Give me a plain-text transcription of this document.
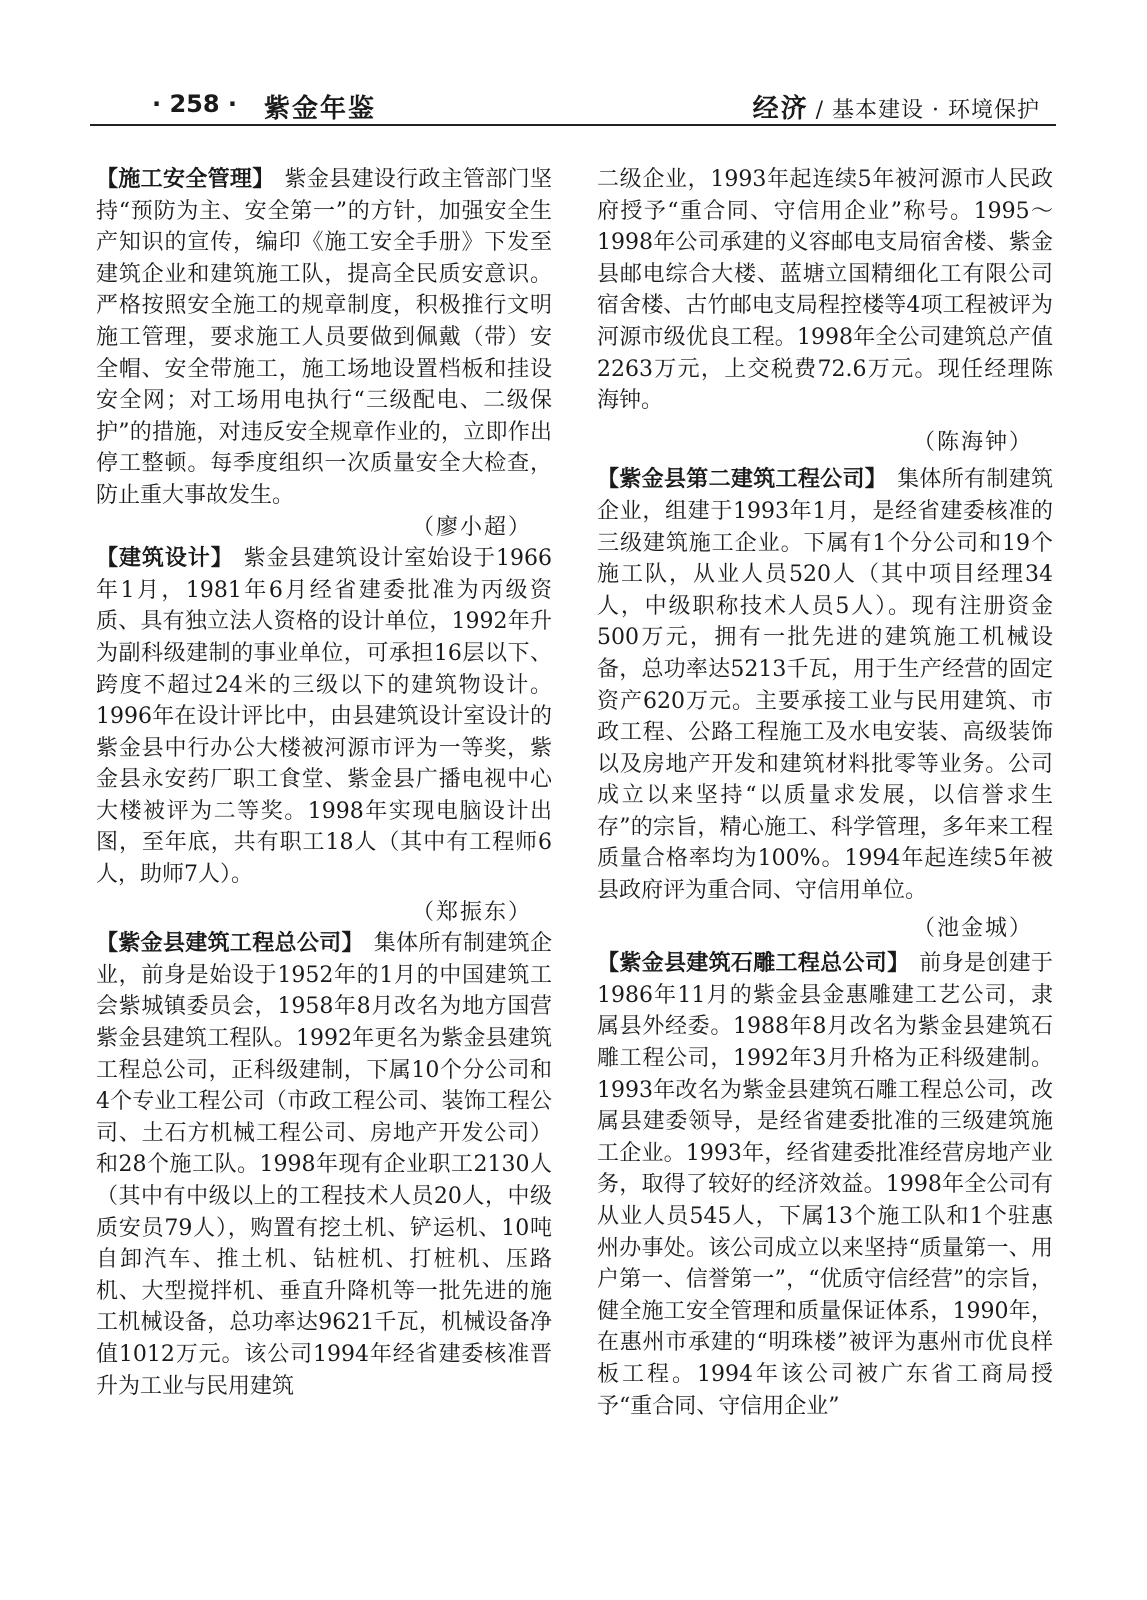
· 258 · 紫金年鉴	经济 / 基本建设 · 环境保护
【施工安全管理】 紫金县建设行政主管部门坚持“预防为主、安全第一”的方针，加强安全生产知识的宣传，编印《施工安全手册》下发至建筑企业和建筑施工队，提高全民质安意识。严格按照安全施工的规章制度，积极推行文明施工管理，要求施工人员要做到佩戴（带）安全帽、安全带施工，施工场地设置档板和挂设安全网；对工场用电执行“三级配电、二级保护”的措施，对违反安全规章作业的，立即作出停工整顿。每季度组织一次质量安全大检查，防止重大事故发生。

（廖小超）

【建筑设计】 紫金县建筑设计室始设于1966年1月，1981年6月经省建委批准为丙级资质、具有独立法人资格的设计单位，1992年升为副科级建制的事业单位，可承担16层以下、跨度不超过24米的三级以下的建筑物设计。1996年在设计评比中，由县建筑设计室设计的紫金县中行办公大楼被河源市评为一等奖，紫金县永安药厂职工食堂、紫金县广播电视中心大楼被评为二等奖。1998年实现电脑设计出图，至年底，共有职工18人（其中有工程师6人，助师7人）。

（郑振东）

【紫金县建筑工程总公司】 集体所有制建筑企业，前身是始设于1952年的1月的中国建筑工会紫城镇委员会，1958年8月改名为地方国营紫金县建筑工程队。1992年更名为紫金县建筑工程总公司，正科级建制，下属10个分公司和4个专业工程公司（市政工程公司、装饰工程公司、土石方机械工程公司、房地产开发公司）和28个施工队。1998年现有企业职工2130人（其中有中级以上的工程技术人员20人，中级质安员79人），购置有挖土机、铲运机、10吨自卸汽车、推土机、钻桩机、打桩机、压路机、大型搅拌机、垂直升降机等一批先进的施工机械设备，总功率达9621千瓦，机械设备净值1012万元。该公司1994年经省建委核准晋升为工业与民用建筑
二级企业，1993年起连续5年被河源市人民政府授予“重合同、守信用企业”称号。1995～1998年公司承建的义容邮电支局宿舍楼、紫金县邮电综合大楼、蓝塘立国精细化工有限公司宿舍楼、古竹邮电支局程控楼等4项工程被评为河源市级优良工程。1998年全公司建筑总产值2263万元，上交税费72.6万元。现任经理陈海钟。

（陈海钟）

【紫金县第二建筑工程公司】 集体所有制建筑企业，组建于1993年1月，是经省建委核准的三级建筑施工企业。下属有1个分公司和19个施工队，从业人员520人（其中项目经理34人，中级职称技术人员5人）。现有注册资金500万元，拥有一批先进的建筑施工机械设备，总功率达5213千瓦，用于生产经营的固定资产620万元。主要承接工业与民用建筑、市政工程、公路工程施工及水电安装、高级装饰以及房地产开发和建筑材料批零等业务。公司成立以来坚持“以质量求发展，以信誉求生存”的宗旨，精心施工、科学管理，多年来工程质量合格率均为100%。1994年起连续5年被县政府评为重合同、守信用单位。

（池金城）

【紫金县建筑石雕工程总公司】 前身是创建于1986年11月的紫金县金惠雕建工艺公司，隶属县外经委。1988年8月改名为紫金县建筑石雕工程公司，1992年3月升格为正科级建制。1993年改名为紫金县建筑石雕工程总公司，改属县建委领导，是经省建委批准的三级建筑施工企业。1993年，经省建委批准经营房地产业务，取得了较好的经济效益。1998年全公司有从业人员545人，下属13个施工队和1个驻惠州办事处。该公司成立以来坚持“质量第一、用户第一、信誉第一”，“优质守信经营”的宗旨，健全施工安全管理和质量保证体系，1990年，在惠州市承建的“明珠楼”被评为惠州市优良样板工程。1994年该公司被广东省工商局授予“重合同、守信用企业”
